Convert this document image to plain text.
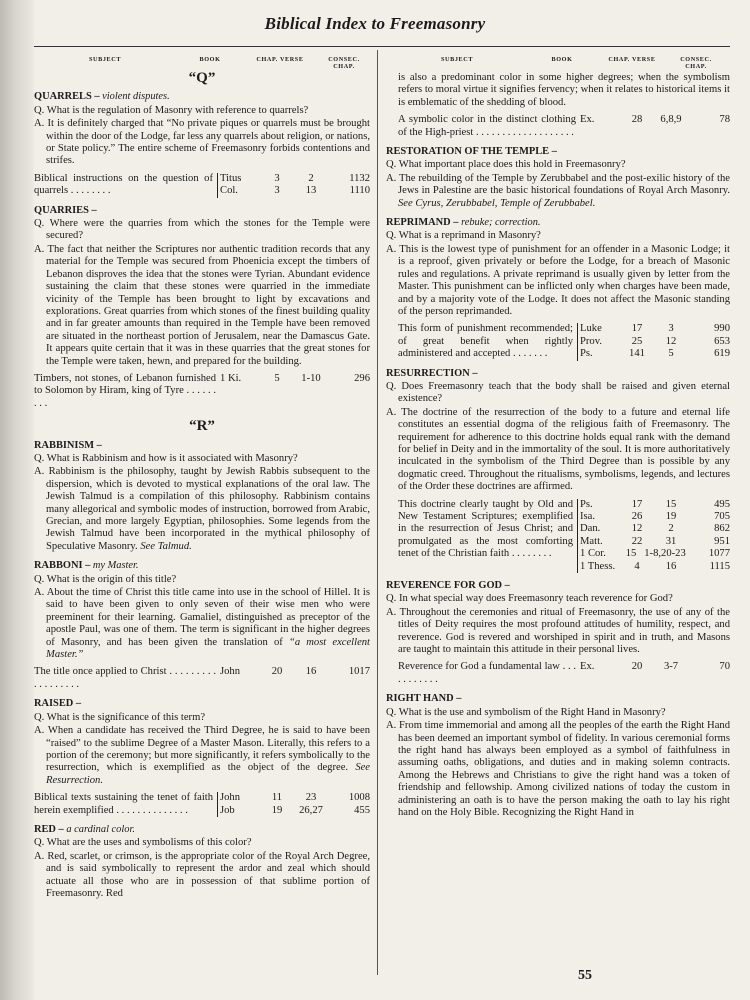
Biblical Index to Freemasonry
SUBJECT	BOOK	CHAP. VERSE	CONSEC. CHAP.
“Q”
QUARRELS – violent disputes.
Q. What is the regulation of Masonry with reference to quarrels?
A. It is definitely charged that “No private piques or quarrels must be brought within the door of the Lodge, far less any quarrels about religion, or nations, or State policy.” The entire scheme of Freemasonry forbids contentions and strifes.
Biblical instructions on the question of quarrels . . . . . . . .
Titus	3	2	1132
Col.	3	13	1110
QUARRIES –
Q. Where were the quarries from which the stones for the Temple were secured?
A. The fact that neither the Scriptures nor authentic tradition records that any material for the Temple was secured from Phoenicia except the timbers of Lebanon disproves the idea that the stones were Tyrian. Abundant evidence sustaining the claim that these stones were quarried in the immediate vicinity of the Temple has been brought to light by excavations and explorations. Great quarries from which stones of the finest building quality and in far greater amounts than required in the Temple have been removed are situated in the northeast portion of Jerusalem, near the Damascus Gate. It appears quite certain that it was in these quarries that the great stones for the Temple were taken, hewn, and prepared for the building.
Timbers, not stones, of Lebanon furnished to Solomon by Hiram, king of Tyre . . . . . . . . .
1 Ki.	5	1-10	296
“R”
RABBINISM –
Q. What is Rabbinism and how is it associated with Masonry?
A. Rabbinism is the philosophy, taught by Jewish Rabbis subsequent to the dispersion, which is devoted to mystical explanations of the oral law. The Jewish Talmud is a compilation of this philosophy. Rabbinism contains many allegorical and symbolic modes of instruction, borrowed from Arabic, Grecian, and more largely Egyptian, philosophies. Some legends from the Jewish Talmud have been incorporated in the mythical philosophy of Speculative Masonry. See Talmud.
RABBONI – my Master.
Q. What is the origin of this title?
A. About the time of Christ this title came into use in the school of Hillel. It is said to have been given to only seven of their wise men who were preeminent for their learning. Gamaliel, distinguished as preceptor of the apostle Paul, was one of them. The term is significant in the higher degrees of Masonry, and has been given the translation of “a most excellent Master.”
The title once applied to Christ . . . . . . . . . . . . . . . . . .
John	20	16	1017
RAISED –
Q. What is the significance of this term?
A. When a candidate has received the Third Degree, he is said to have been “raised” to the sublime Degree of a Master Mason. Literally, this refers to a portion of the ceremony; but more significantly, it refers symbolically to the resurrection, which is exemplified as the object of the degree. See Resurrection.
Biblical texts sustaining the tenet of faith herein exemplified . . . . . . . . . . . . . .
John	11	23	1008
Job	19	26,27	455
RED – a cardinal color.
Q. What are the uses and symbolisms of this color?
A. Red, scarlet, or crimson, is the appropriate color of the Royal Arch Degree, and is said symbolically to represent the ardor and zeal which should actuate all those who are in possession of that sublime portion of Freemasonry. Red
SUBJECT	BOOK	CHAP. VERSE	CONSEC. CHAP.
is also a predominant color in some higher degrees; when the symbolism refers to moral virtue it signifies fervency; when it relates to historical items it is emblematic of the shedding of blood.
A symbolic color in the distinct clothing of the High-priest . . . . . . . . . . . . . . . . . . .
Ex.	28	6,8,9	78
RESTORATION OF THE TEMPLE –
Q. What important place does this hold in Freemasonry?
A. The rebuilding of the Temple by Zerubbabel and the post-exilic history of the Jews in Palestine are the basic historical foundations of Royal Arch Masonry. See Cyrus, Zerubbabel, Temple of Zerubbabel.
REPRIMAND – rebuke; correction.
Q. What is a reprimand in Masonry?
A. This is the lowest type of punishment for an offender in a Masonic Lodge; it is a reproof, given privately or before the Lodge, for a breach of Masonic rules and regulations. A private reprimand is usually given by letter from the Master. This punishment can be inflicted only when charges have been made, and by a majority vote of the Lodge. It does not affect the Masonic standing of the person reprimanded.
This form of punishment recommended; of great benefit when rightly administered and accepted . . . . . . .
Luke	17	3	990
Prov.	25	12	653
Ps.	141	5	619
RESURRECTION –
Q. Does Freemasonry teach that the body shall be raised and given eternal existence?
A. The doctrine of the resurrection of the body to a future and eternal life constitutes an essential dogma of the religious faith of Freemasonry. The requirement for adherence to this doctrine holds equal rank with the demand for belief in Deity and in the immortality of the soul. It is more authoritatively inculcated in the symbolism of the Third Degree than is possible by any dogmatic creed. Throughout the ritualisms, symbolisms, legends, and lectures of the Order these doctrines are affirmed.
This doctrine clearly taught by Old and New Testament Scriptures; exemplified in the resurrection of Jesus Christ; and promulgated as the most comforting tenet of the Christian faith . . . . . . . .
Ps.	17	15	495
Isa.	26	19	705
Dan.	12	2	862
Matt.	22	31	951
1 Cor.	15 1-8,20-23	1077
1 Thess.	4	16	1115
REVERENCE FOR GOD –
Q. In what special way does Freemasonry teach reverence for God?
A. Throughout the ceremonies and ritual of Freemasonry, the use of any of the titles of Deity requires the most profound attitudes of humility, respect, and reverence. God is revered and worshiped in spirit and in truth, and Masons are taught to maintain this attitude in their personal lives.
Reverence for God a fundamental law . . . . . . . . . . .
Ex.	20	3-7	70
RIGHT HAND –
Q. What is the use and symbolism of the Right Hand in Masonry?
A. From time immemorial and among all the peoples of the earth the Right Hand has been deemed an important symbol of fidelity. In various ceremonial forms the right hand has always been employed as a symbol of faithfulness in assuming oaths, obligations, and duties and in making solemn contracts. Among the Hebrews and Christians to give the right hand was a token of friendship and fellowship. Among civilized nations of today the custom in administering an oath is to have the person making the oath to lay his right hand on the Holy Bible. Recognizing the Right Hand in
55
